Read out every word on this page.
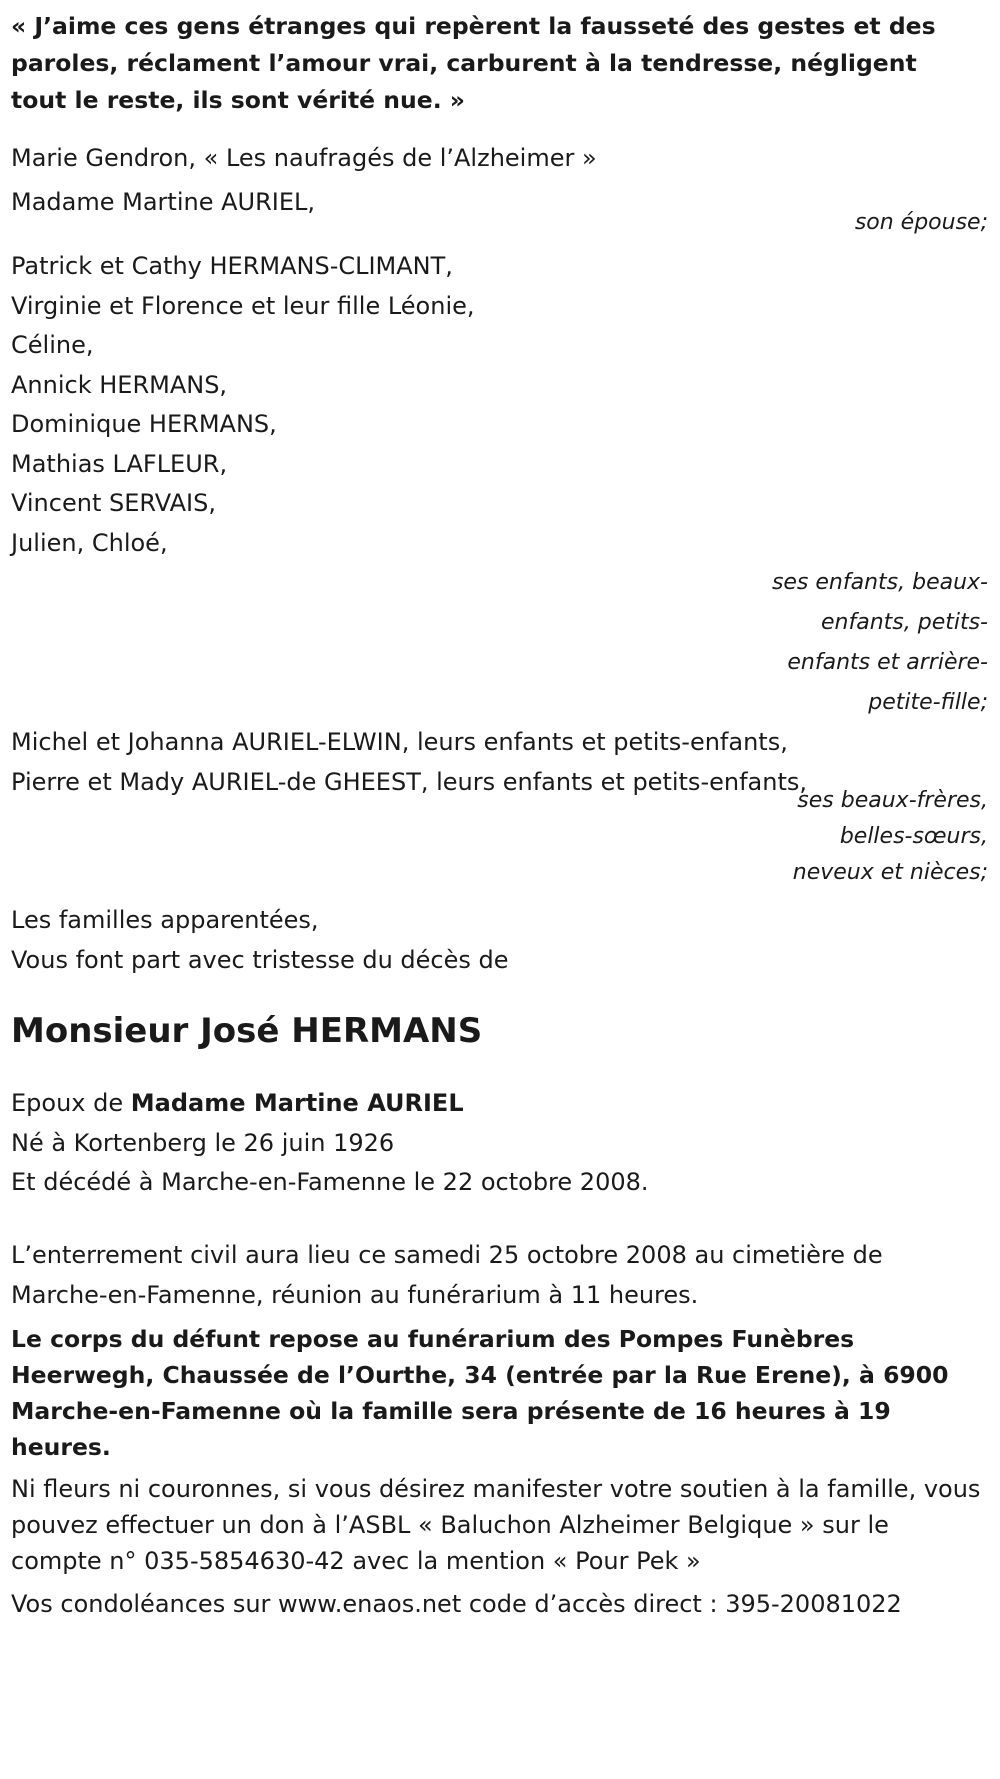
« J’aime ces gens étranges qui repèrent la fausseté des gestes et des paroles, réclament l’amour vrai, carburent à la tendresse, négligent tout le reste, ils sont vérité nue. »
Marie Gendron, « Les naufragés de l’Alzheimer »
Madame Martine AURIEL,
son épouse;
Patrick et Cathy HERMANS-CLIMANT,
Virginie et Florence et leur fille Léonie,
Céline,
Annick HERMANS,
Dominique HERMANS,
Mathias LAFLEUR,
Vincent SERVAIS,
Julien, Chloé,
ses enfants, beaux-
enfants, petits-
enfants et arrière-
petite-fille;
Michel et Johanna AURIEL-ELWIN, leurs enfants et petits-enfants,
Pierre et Mady AURIEL-de GHEEST, leurs enfants et petits-enfants,
ses beaux-frères,
belles-sœurs,
neveux et nièces;
Les familles apparentées,
Vous font part avec tristesse du décès de
Monsieur José HERMANS
Epoux de Madame Martine AURIEL
Né à Kortenberg le 26 juin 1926
Et décédé à Marche-en-Famenne le 22 octobre 2008.
L’enterrement civil aura lieu ce samedi 25 octobre 2008 au cimetière de Marche-en-Famenne, réunion au funérarium à 11 heures.
Le corps du défunt repose au funérarium des Pompes Funèbres Heerwegh, Chaussée de l’Ourthe, 34 (entrée par la Rue Erene), à 6900 Marche-en-Famenne où la famille sera présente de 16 heures à 19 heures.
Ni fleurs ni couronnes, si vous désirez manifester votre soutien à la famille, vous pouvez effectuer un don à l’ASBL « Baluchon Alzheimer Belgique » sur le compte n° 035-5854630-42 avec la mention « Pour Pek »
Vos condoléances sur www.enaos.net code d’accès direct : 395-20081022
